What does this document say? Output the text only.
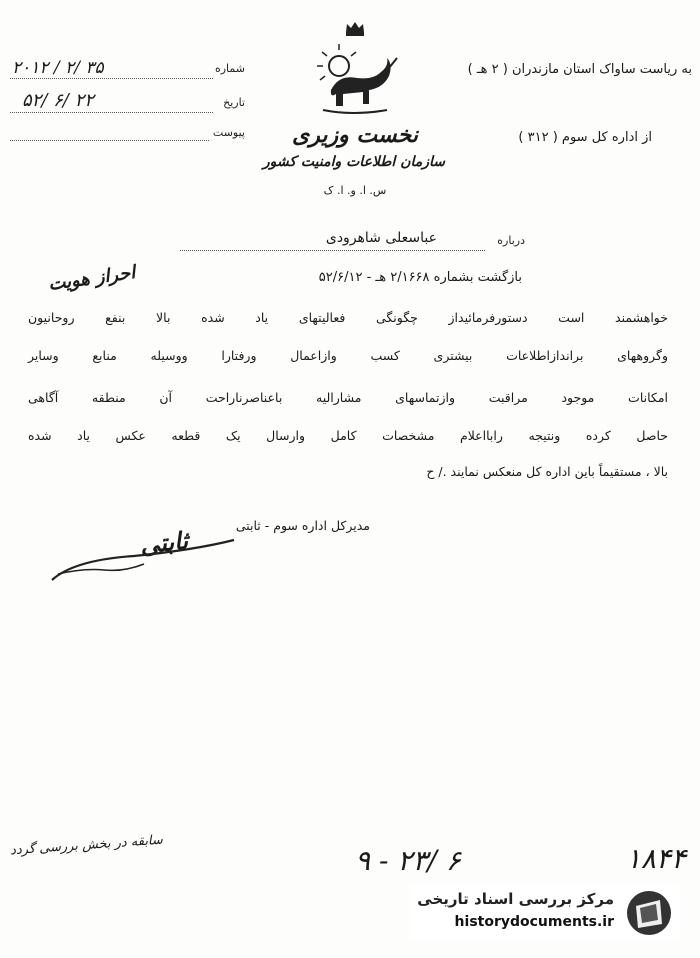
شماره
۲۰۱۲ / ۲/ ۳۵
تاریخ
۵۲/ ۶/ ۲۲
پیوست	نخست وزیری
سازمان اطلاعات وامنیت کشور
س. ا. و. ا. ک
به ریاست ساواک استان مازندران ( ۲ هـ )
از اداره کل سوم ( ۳۱۲ )
درباره
عباسعلی شاهرودی
احراز هویت	بازگشت بشماره ۲/۱۶۶۸ هـ - ۵۲/۶/۱۲
خواهشمند است دستورفرمائیداز چگونگی فعالیتهای یاد شده بالا بنفع روحانیون
وگروههای براندازاطلاعات بیشتری کسب وازاعمال ورفتارا ووسیله منابع وسایر
امکانات موجود مراقبت وازتماسهای مشارالیه باعناصرناراحت آن منطقه آگاهی
حاصل کرده ونتیجه رابااعلام مشخصات کامل وارسال یک قطعه عکس یاد شده
بالا ، مستقیماً باین اداره کل منعکس نمایند ./ ح
مدیرکل اداره سوم - ثابتی
ثابتی
سابقه در بخش بررسی گردد	۹ - ۲۳/ ۶	۱۸۴۴
مرکز بررسی اسناد تاریخی
historydocuments.ir
